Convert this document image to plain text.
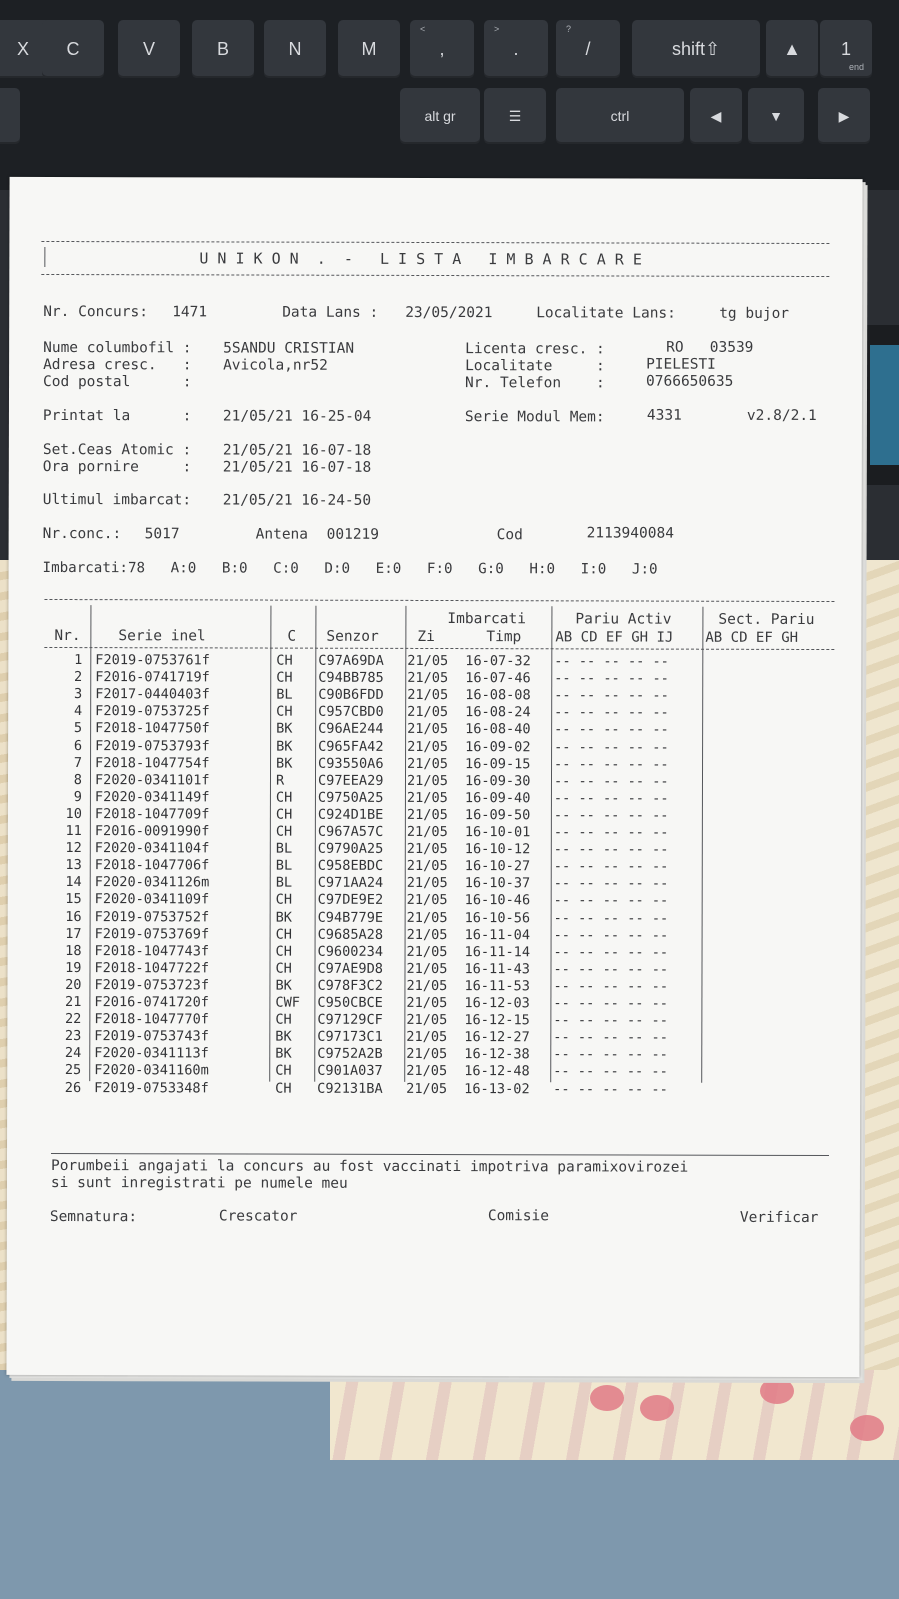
X C	V	B	N	M	,
<
.
>
/
?
shift⇧	▲ 1
end
alt gr	☰	ctrl	◀	▼	▶
U N I K O N  .  -   L I S T A   I M B A R C A R E
Nr. Concurs: 1471	Data Lans : 23/05/2021	Localitate Lans:	tg bujor
Nume columbofil : 5SANDU CRISTIAN
Adresa cresc.   : Avicola,nr52
Cod postal      :
Licenta cresc. :	RO   03539
Localitate     :	PIELESTI
Nr. Telefon    :	0766650635
Printat la      : 21/05/21 16-25-04	Serie Modul Mem:	4331	v2.8/2.1
Set.Ceas Atomic : 21/05/21 16-07-18
Ora pornire     : 21/05/21 16-07-18
Ultimul imbarcat: 21/05/21 16-24-50
Nr.conc.: 5017	Antena 001219	Cod	2113940084
Imbarcati:78   A:0   B:0   C:0   D:0   E:0   F:0   G:0   H:0   I:0   J:0
Nr.	Serie inel	C Senzor
Imbarcati
Zi	Timp
Pariu Activ
AB CD EF GH IJ
Sect. Pariu
AB CD EF GH
1 F2019-0753761f	CH C97A69DA 21/05 16-07-32 -- -- -- -- --
2 F2016-0741719f	CH C94BB785 21/05 16-07-46 -- -- -- -- --
3 F2017-0440403f	BL C90B6FDD 21/05 16-08-08 -- -- -- -- --
4 F2019-0753725f	CH C957CBD0 21/05 16-08-24 -- -- -- -- --
5 F2018-1047750f	BK C96AE244 21/05 16-08-40 -- -- -- -- --
6 F2019-0753793f	BK C965FA42 21/05 16-09-02 -- -- -- -- --
7 F2018-1047754f	BK C93550A6 21/05 16-09-15 -- -- -- -- --
8 F2020-0341101f	R C97EEA29 21/05 16-09-30 -- -- -- -- --
9 F2020-0341149f	CH C9750A25 21/05 16-09-40 -- -- -- -- --
10 F2018-1047709f	CH C924D1BE 21/05 16-09-50 -- -- -- -- --
11 F2016-0091990f	CH C967A57C 21/05 16-10-01 -- -- -- -- --
12 F2020-0341104f	BL C9790A25 21/05 16-10-12 -- -- -- -- --
13 F2018-1047706f	BL C958EBDC 21/05 16-10-27 -- -- -- -- --
14 F2020-0341126m	BL C971AA24 21/05 16-10-37 -- -- -- -- --
15 F2020-0341109f	CH C97DE9E2 21/05 16-10-46 -- -- -- -- --
16 F2019-0753752f	BK C94B779E 21/05 16-10-56 -- -- -- -- --
17 F2019-0753769f	CH C9685A28 21/05 16-11-04 -- -- -- -- --
18 F2018-1047743f	CH C9600234 21/05 16-11-14 -- -- -- -- --
19 F2018-1047722f	CH C97AE9D8 21/05 16-11-43 -- -- -- -- --
20 F2019-0753723f	BK C978F3C2 21/05 16-11-53 -- -- -- -- --
21 F2016-0741720f	CWF C950CBCE 21/05 16-12-03 -- -- -- -- --
22 F2018-1047770f	CH C97129CF 21/05 16-12-15 -- -- -- -- --
23 F2019-0753743f	BK C97173C1 21/05 16-12-27 -- -- -- -- --
24 F2020-0341113f	BK C9752A2B 21/05 16-12-38 -- -- -- -- --
25 F2020-0341160m	CH C901A037 21/05 16-12-48 -- -- -- -- --
26 F2019-0753348f	CH C92131BA 21/05 16-13-02 -- -- -- -- --
Porumbeii angajati la concurs au fost vaccinati impotriva paramixovirozei
si sunt inregistrati pe numele meu
Semnatura:	Crescator	Comisie	Verificar
